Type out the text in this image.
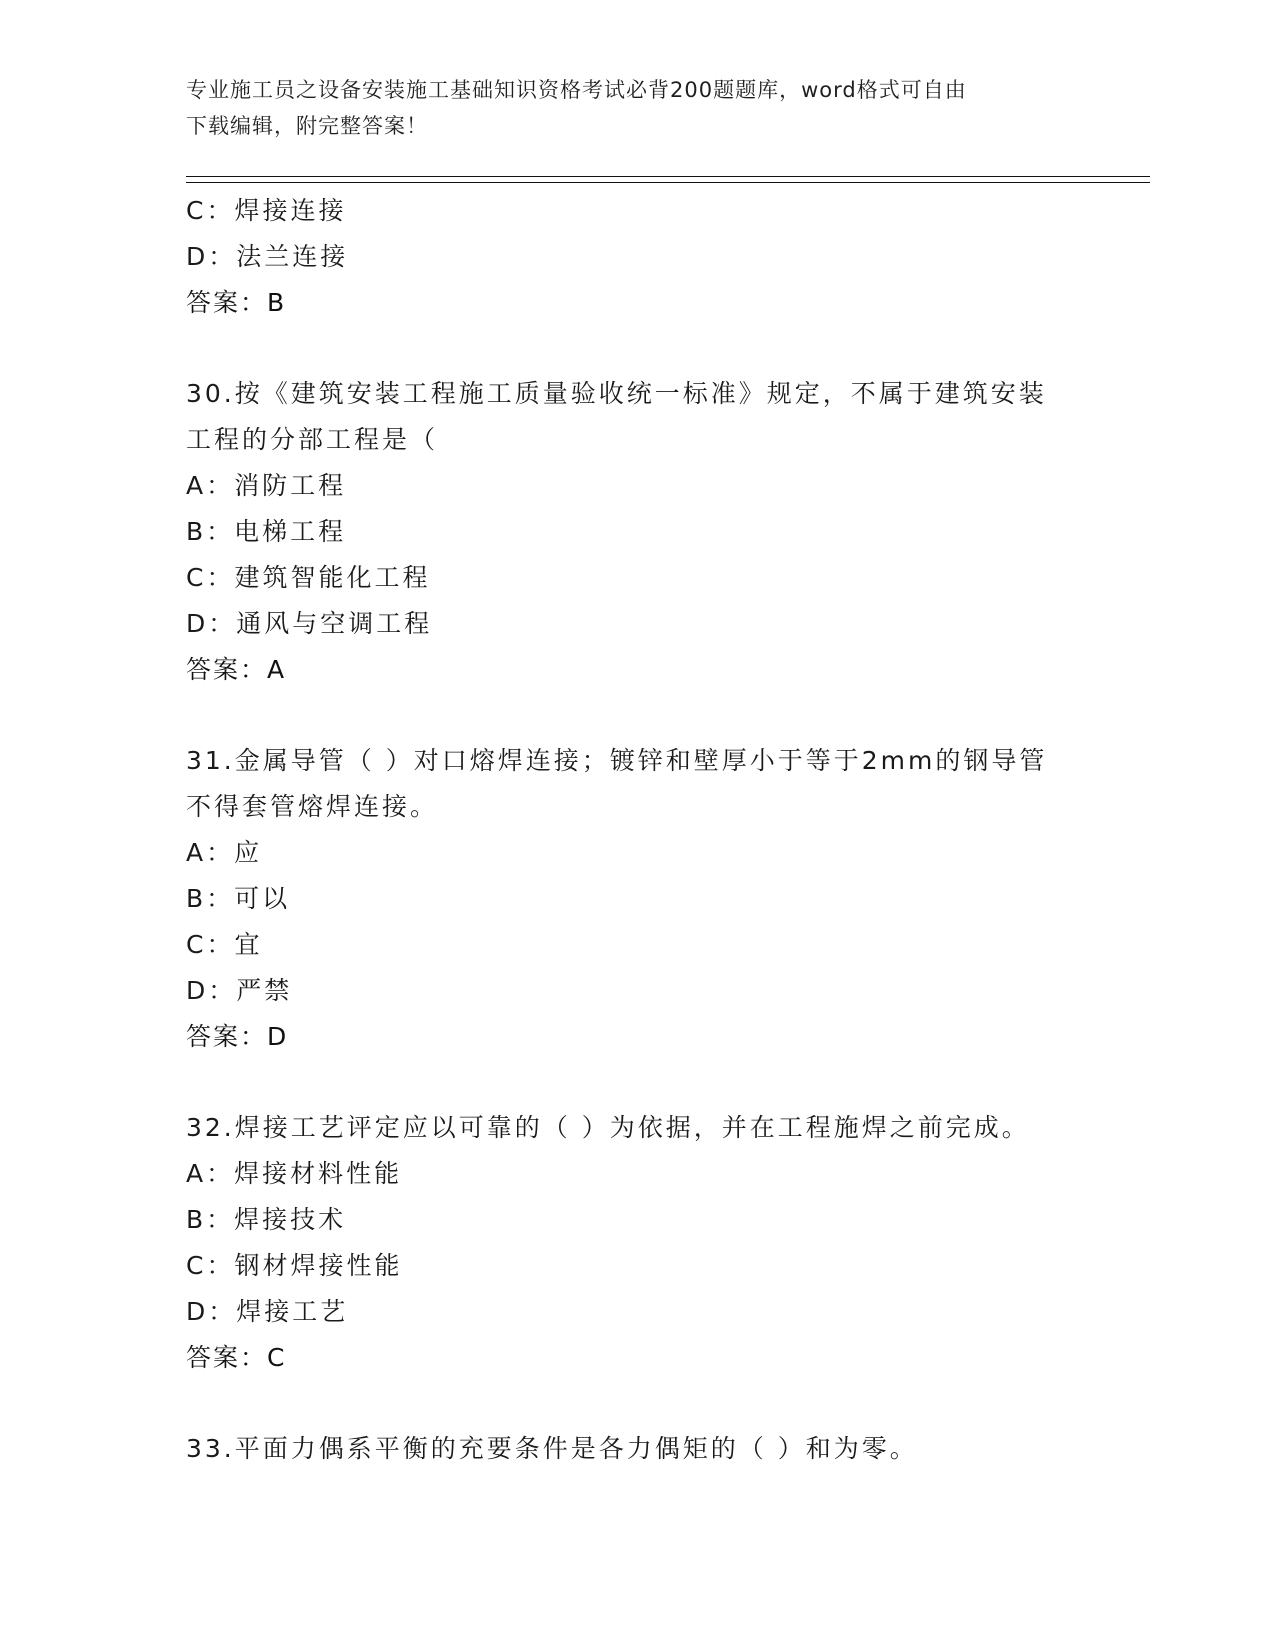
专业施工员之设备安装施工基础知识资格考试必背200题题库，word格式可自由
下载编辑，附完整答案！
C：焊接连接
D：法兰连接
答案：B
30.按《建筑安装工程施工质量验收统一标准》规定，不属于建筑安装
工程的分部工程是（
A：消防工程
B：电梯工程
C：建筑智能化工程
D：通风与空调工程
答案：A
31.金属导管（ ）对口熔焊连接；镀锌和壁厚小于等于2mm的钢导管
不得套管熔焊连接。
A：应
B：可以
C：宜
D：严禁
答案：D
32.焊接工艺评定应以可靠的（ ）为依据，并在工程施焊之前完成。
A：焊接材料性能
B：焊接技术
C：钢材焊接性能
D：焊接工艺
答案：C
33.平面力偶系平衡的充要条件是各力偶矩的（ ）和为零。
